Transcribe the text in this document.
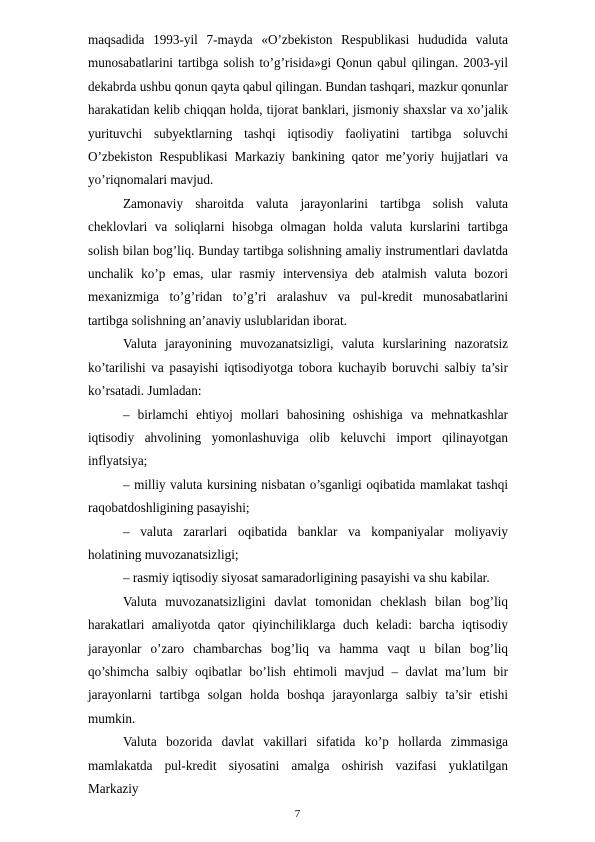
maqsadida 1993-yil 7-mayda «O’zbekiston Respublikasi hududida valuta munosabatlarini tartibga solish to’g’risida»gi Qonun qabul qilingan. 2003-yil dekabrda ushbu qonun qayta qabul qilingan. Bundan tashqari, mazkur qonunlar harakatidan kelib chiqqan holda, tijorat banklari, jismoniy shaxslar va xo’jalik yurituvchi subyektlarning tashqi iqtisodiy faoliyatini tartibga soluvchi O’zbekiston Respublikasi Markaziy bankining qator me’yoriy hujjatlari va yo’riqnomalari mavjud.

Zamonaviy sharoitda valuta jarayonlarini tartibga solish valuta cheklovlari va soliqlarni hisobga olmagan holda valuta kurslarini tartibga solish bilan bog’liq. Bunday tartibga solishning amaliy instrumentlari davlatda unchalik ko’p emas, ular rasmiy intervensiya deb atalmish valuta bozori mexanizmiga to’g’ridan to’g’ri aralashuv va pul-kredit munosabatlarini tartibga solishning an’anaviy uslublaridan iborat.

Valuta jarayonining muvozanatsizligi, valuta kurslarining nazoratsiz ko’tarilishi va pasayishi iqtisodiyotga tobora kuchayib boruvchi salbiy ta’sir ko’rsatadi. Jumladan:

– birlamchi ehtiyoj mollari bahosining oshishiga va mehnatkashlar iqtisodiy ahvolining yomonlashuviga olib keluvchi import qilinayotgan inflyatsiya;

– milliy valuta kursining nisbatan o’sganligi oqibatida mamlakat tashqi raqobatdoshligining pasayishi;

– valuta zararlari oqibatida banklar va kompaniyalar moliyaviy holatining muvozanatsizligi;

– rasmiy iqtisodiy siyosat samaradorligining pasayishi va shu kabilar.

Valuta muvozanatsizligini davlat tomonidan cheklash bilan bog’liq harakatlari amaliyotda qator qiyinchiliklarga duch keladi: barcha iqtisodiy jarayonlar o’zaro chambarchas bog’liq va hamma vaqt u bilan bog’liq qo’shimcha salbiy oqibatlar bo’lish ehtimoli mavjud – davlat ma’lum bir jarayonlarni tartibga solgan holda boshqa jarayonlarga salbiy ta’sir etishi mumkin.

Valuta bozorida davlat vakillari sifatida ko’p hollarda zimmasiga mamlakatda pul-kredit siyosatini amalga oshirish vazifasi yuklatilgan Markaziy

7
